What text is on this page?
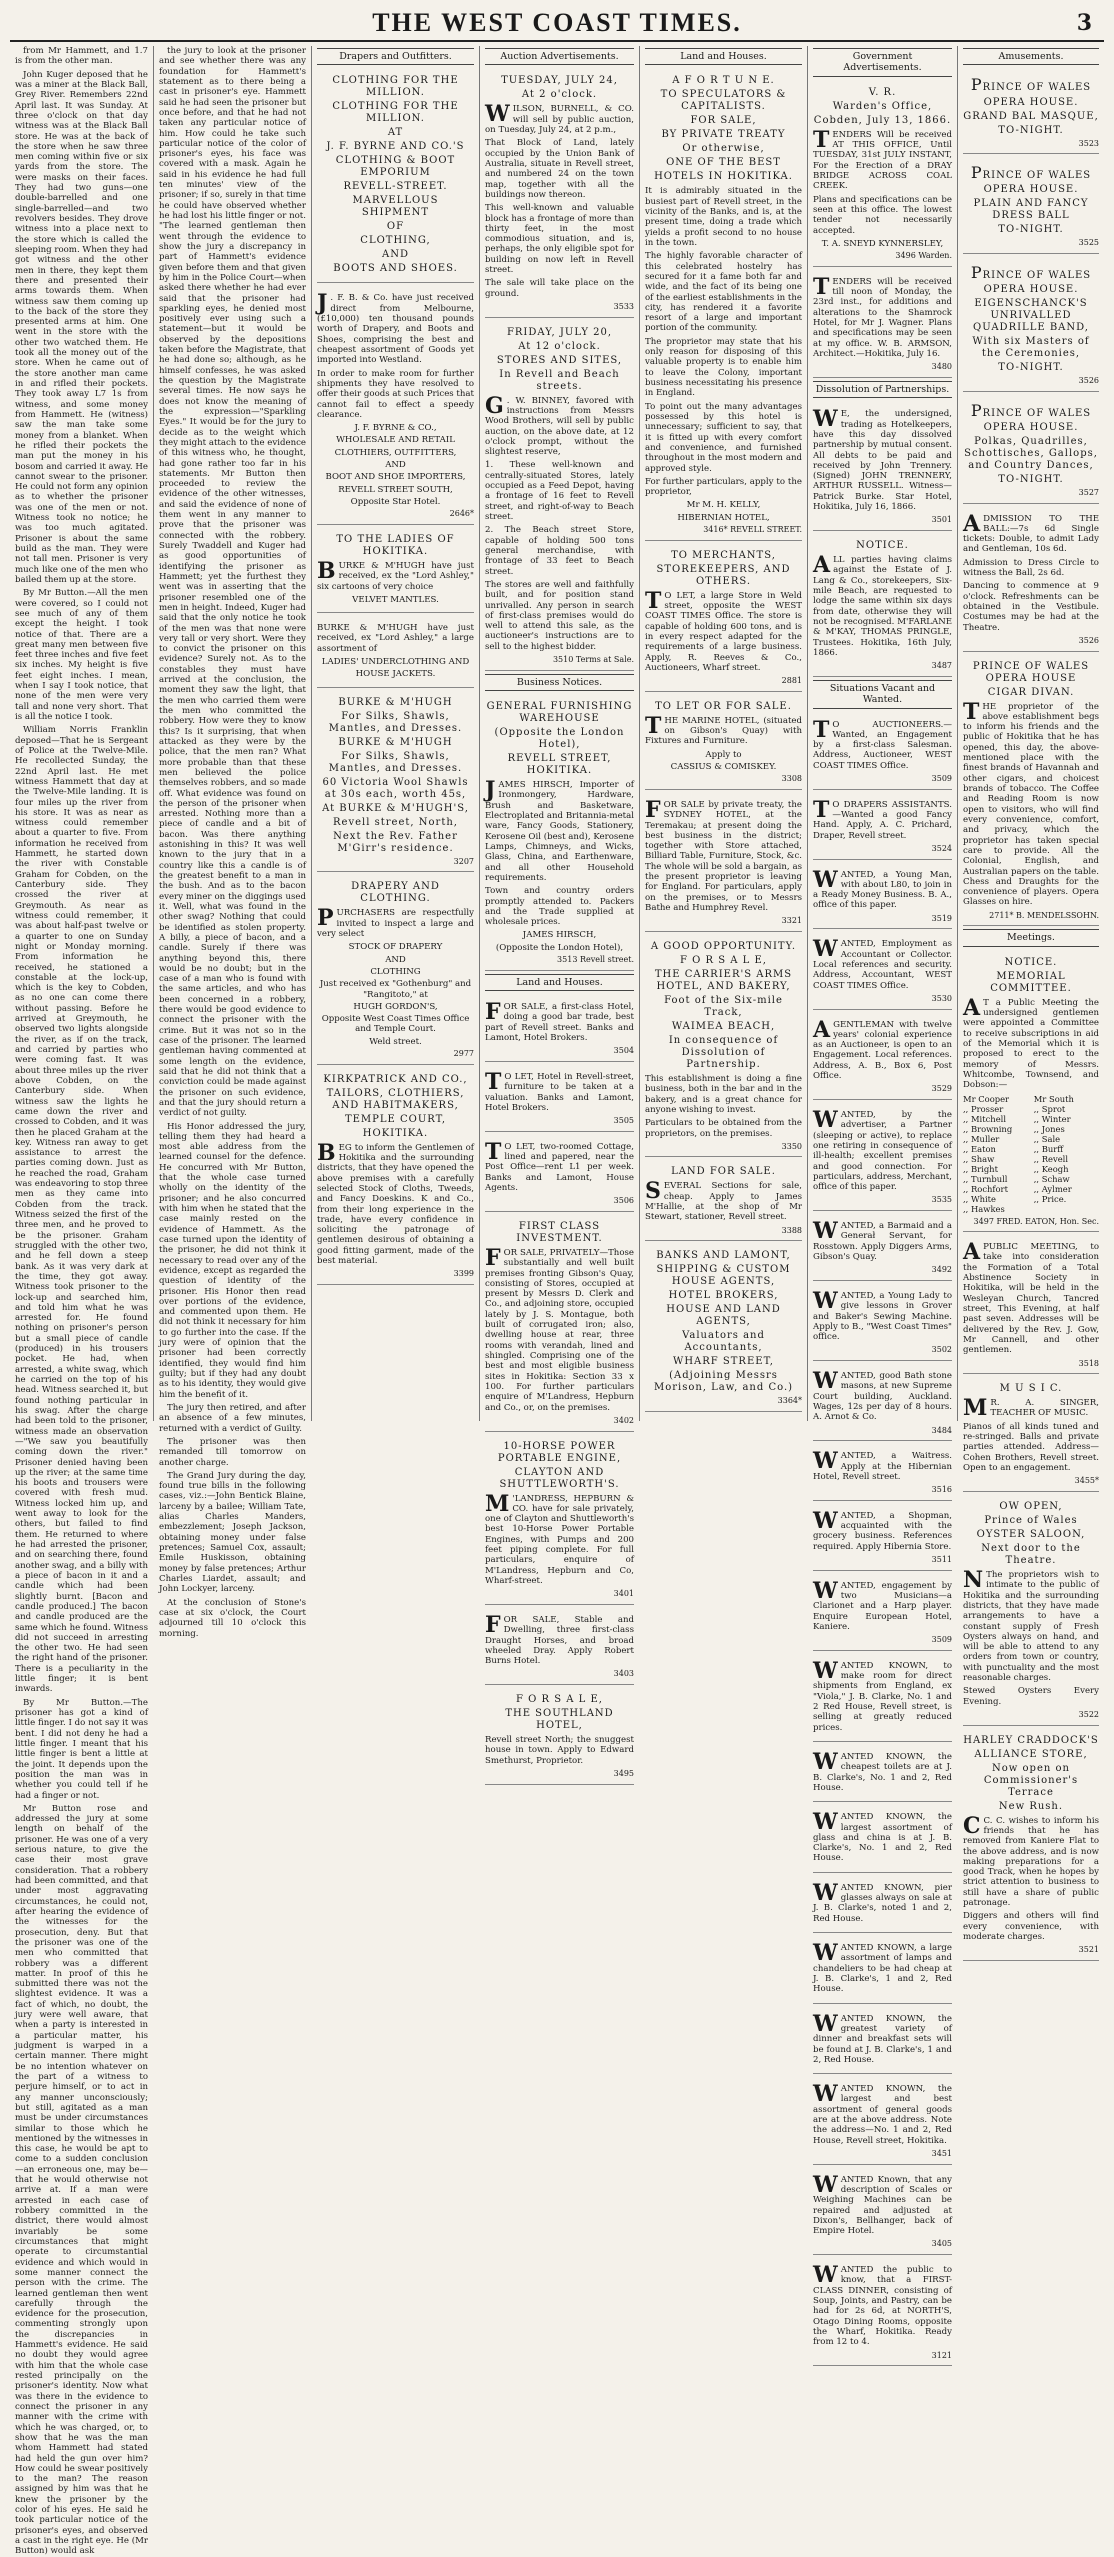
THE WEST COAST TIMES.	3

from Mr Hammett, and 1.7 is from the other man.

John Kuger deposed that he was a miner at the Black Ball, Grey River. Remembers 22nd April last. It was Sunday. At three o'clock on that day witness was at the Black Ball store. He was at the back of the store when he saw three men coming within five or six yards from the store. The were masks on their faces. They had two guns—one double-barrelled and one single-barrelled—and two revolvers besides. They drove witness into a place next to the store which is called the sleeping room. When they had got witness and the other men in there, they kept them there and presented their arms towards them. When witness saw them coming up to the back of the store they presented arms at him. One went in the store with the other two watched them. He took all the money out of the store. When he came out of the store another man came in and rifled their pockets. They took away L7 1s from witness, and some money from Hammett. He (witness) saw the man take some money from a blanket. When he rifled their pockets the man put the money in his bosom and carried it away. He cannot swear to the prisoner. He could not form any opinion as to whether the prisoner was one of the men or not. Witness took no notice; he was too much agitated. Prisoner is about the same build as the man. They were not tall men. Prisoner is very much like one of the men who bailed them up at the store.

By Mr Button.—All the men were covered, so I could not see much of any of them except the height. I took notice of that. There are a great many men between five feet three inches and five feet six inches. My height is five feet eight inches. I mean, when I say I took notice, that none of the men were very tall and none very short. That is all the notice I took.

William Norris Franklin deposed—That he is Sergeant of Police at the Twelve-Mile. He recollected Sunday, the 22nd April last. He met witness Hammett that day at the Twelve-Mile landing. It is four miles up the river from his store. It was as near as witness could remember about a quarter to five. From information he received from Hammett, he started down the river with Constable Graham for Cobden, on the Canterbury side. They crossed the river at Greymouth. As near as witness could remember, it was about half-past twelve or a quarter to one on Sunday night or Monday morning. From information he received, he stationed a constable at the lock-up, which is the key to Cobden, as no one can come there without passing. Before he arrived at Greymouth, he observed two lights alongside the river, as if on the track, and carried by parties who were coming fast. It was about three miles up the river above Cobden, on the Canterbury side. When witness saw the lights he came down the river and crossed to Cobden, and it was then he placed Graham at the key. Witness ran away to get assistance to arrest the parties coming down. Just as he reached the road, Graham was endeavoring to stop three men as they came into Cobden from the track. Witness seized the first of the three men, and he proved to be the prisoner. Graham struggled with the other two, and he fell down a steep bank. As it was very dark at the time, they got away. Witness took prisoner to the lock-up and searched him, and told him what he was arrested for. He found nothing on prisoner's person but a small piece of candle (produced) in his trousers pocket. He had, when arrested, a white swag, which he carried on the top of his head. Witness searched it, but found nothing particular in his swag. After the charge had been told to the prisoner, witness made an observation—"We saw you beautifully coming down the river." Prisoner denied having been up the river; at the same time his boots and trousers were covered with fresh mud. Witness locked him up, and went away to look for the others, but failed to find them. He returned to where he had arrested the prisoner, and on searching there, found another swag, and a billy with a piece of bacon in it and a candle which had been slightly burnt. [Bacon and candle produced.] The bacon and candle produced are the same which he found. Witness did not succeed in arresting the other two. He had seen the right hand of the prisoner. There is a peculiarity in the little finger; it is bent inwards.

By Mr Button.—The prisoner has got a kind of little finger. I do not say it was bent. I did not deny he had a little finger. I meant that his little finger is bent a little at the joint. It depends upon the position the man was in whether you could tell if he had a finger or not.

Mr Button rose and addressed the jury at some length on behalf of the prisoner. He was one of a very serious nature, to give the case their most grave consideration. That a robbery had been committed, and that under most aggravating circumstances, he could not, after hearing the evidence of the witnesses for the prosecution, deny. But that the prisoner was one of the men who committed that robbery was a different matter. In proof of this he submitted there was not the slightest evidence. It was a fact of which, no doubt, the jury were well aware, that when a party is interested in a particular matter, his judgment is warped in a certain manner. There might be no intention whatever on the part of a witness to perjure himself, or to act in any manner unconsciously; but still, agitated as a man must be under circumstances similar to those which he mentioned by the witnesses in this case, he would be apt to come to a sudden conclusion—an erroneous one, may be—that he would otherwise not arrive at. If a man were arrested in each case of robbery committed in the district, there would almost invariably be some circumstances that might operate to circumstantial evidence and which would in some manner connect the person with the crime. The learned gentleman then went carefully through the evidence for the prosecution, commenting strongly upon the discrepancies in Hammett's evidence. He said no doubt they would agree with him that the whole case rested principally on the prisoner's identity. Now what was there in the evidence to connect the prisoner in any manner with the crime with which he was charged, or, to show that he was the man whom Hammett had stated had held the gun over him? How could he swear positively to the man? The reason assigned by him was that he knew the prisoner by the color of his eyes. He said he took particular notice of the prisoner's eyes, and observed a cast in the right eye. He (Mr Button) would ask

the jury to look at the prisoner and see whether there was any foundation for Hammett's statement as to there being a cast in prisoner's eye. Hammett said he had seen the prisoner but once before, and that he had not taken any particular notice of him. How could he take such particular notice of the color of prisoner's eyes, his face was covered with a mask. Again he said in his evidence he had full ten minutes' view of the prisoner; if so, surely in that time he could have observed whether he had lost his little finger or not. "The learned gentleman then went through the evidence to show the jury a discrepancy in part of Hammett's evidence given before them and that given by him in the Police Court—when asked there whether he had ever said that the prisoner had sparkling eyes, he denied most positively ever using such a statement—but it would be observed by the depositions taken before the Magistrate, that he had done so; although, as he himself confesses, he was asked the question by the Magistrate several times. He now says he does not know the meaning of the expression—"Sparkling Eyes." It would be for the jury to decide as to the weight which they might attach to the evidence of this witness who, he thought, had gone rather too far in his statements. Mr Button then proceeded to review the evidence of the other witnesses, and said the evidence of none of them went in any manner to prove that the prisoner was connected with the robbery. Surely Twaddell and Kuger had as good opportunities of identifying the prisoner as Hammett; yet the furthest they went was in asserting that the prisoner resembled one of the men in height. Indeed, Kuger had said that the only notice he took of the men was that none were very tall or very short. Were they to convict the prisoner on this evidence? Surely not. As to the constables they must have arrived at the conclusion, the moment they saw the light, that the men who carried them were the men who committed the robbery. How were they to know this? Is it surprising, that when attacked as they were by the police, that the men ran? What more probable than that these men believed the police themselves robbers, and so made off. What evidence was found on the person of the prisoner when arrested. Nothing more than a piece of candle and a bit of bacon. Was there anything astonishing in this? It was well known to the jury that in a country like this a candle is of the greatest benefit to a man in the bush. And as to the bacon every miner on the diggings used it. Well, what was found in the other swag? Nothing that could be identified as stolen property. A billy, a piece of bacon, and a candle. Surely if there was anything beyond this, there would be no doubt; but in the case of a man who is found with the same articles, and who has been concerned in a robbery, there would be good evidence to connect the prisoner with the crime. But it was not so in the case of the prisoner. The learned gentleman having commented at some length on the evidence, said that he did not think that a conviction could be made against the prisoner on such evidence, and that the jury should return a verdict of not guilty.

His Honor addressed the jury, telling them they had heard a most able address from the learned counsel for the defence. He concurred with Mr Button, that the whole case turned wholly on the identity of the prisoner; and he also concurred with him when he stated that the case mainly rested on the evidence of Hammett. As the case turned upon the identity of the prisoner, he did not think it necessary to read over any of the evidence, except as regarded the question of identity of the prisoner. His Honor then read over portions of the evidence, and commented upon them. He did not think it necessary for him to go further into the case. If the jury were of opinion that the prisoner had been correctly identified, they would find him guilty; but if they had any doubt as to his identity, they would give him the benefit of it.

The jury then retired, and after an absence of a few minutes, returned with a verdict of Guilty.

The prisoner was then remanded till tomorrow on another charge.

The Grand Jury during the day, found true bills in the following cases, viz.:—John Bentick Blaine, larceny by a bailee; William Tate, alias Charles Manders, embezzlement; Joseph Jackson, obtaining money under false pretences; Samuel Cox, assault; Emile Huskisson, obtaining money by false pretences; Arthur Charles Liardet, assault; and John Lockyer, larceny.

At the conclusion of Stone's case at six o'clock, the Court adjourned till 10 o'clock this morning.

Drapers and Outfitters.
CLOTHING FOR THE MILLION.
CLOTHING FOR THE MILLION.
AT
J. F. BYRNE AND CO.'S
CLOTHING & BOOT EMPORIUM
REVELL-STREET.
MARVELLOUS SHIPMENT
OF
CLOTHING,
AND
BOOTS AND SHOES.
J . F. B. & Co. have just received direct from Melbourne, (£10,000) ten thousand pounds worth of Drapery, and Boots and Shoes, comprising the best and cheapest assortment of Goods yet imported into Westland.
In order to make room for further shipments they have resolved to offer their goods at such Prices that cannot fail to effect a speedy clearance.
J. F. BYRNE & CO.,
WHOLESALE AND RETAIL
CLOTHIERS, OUTFITTERS,
AND
BOOT AND SHOE IMPORTERS,
REVELL STREET SOUTH,
Opposite Star Hotel.
2646*
TO THE LADIES OF HOKITIKA.
BURKE & M'HUGH have just received, ex the "Lord Ashley," six cartoons of very choice
VELVET MANTLES.
BURKE & M'HUGH have just received, ex "Lord Ashley," a large assortment of
LADIES' UNDERCLOTHING AND
HOUSE JACKETS.
BURKE & M'HUGH
For Silks, Shawls, Mantles, and Dresses.
BURKE & M'HUGH
For Silks, Shawls, Mantles, and Dresses.
60 Victoria Wool Shawls at 30s each, worth 45s,
At BURKE & M'HUGH'S,
Revell street, North,
Next the Rev. Father M'Girr's residence.
3207
DRAPERY AND CLOTHING.
PURCHASERS are respectfully invited to inspect a large and very select
STOCK OF DRAPERY
AND
CLOTHING
Just received ex "Gothenburg" and "Rangitoto," at
HUGH GORDON'S,
Opposite West Coast Times Office and Temple Court.
Weld street.
2977
KIRKPATRICK AND CO.,
TAILORS, CLOTHIERS, AND HABITMAKERS,
TEMPLE COURT,
HOKITIKA.
BEG to inform the Gentlemen of Hokitika and the surrounding districts, that they have opened the above premises with a carefully selected Stock of Cloths, Tweeds, and Fancy Doeskins. K and Co., from their long experience in the trade, have every confidence in soliciting the patronage of gentlemen desirous of obtaining a good fitting garment, made of the best material.
3399
Auction Advertisements.
TUESDAY, JULY 24,
At 2 o'clock.
WILSON, BURNELL, & CO. will sell by public auction, on Tuesday, July 24, at 2 p.m.,
That Block of Land, lately occupied by the Union Bank of Australia, situate in Revell street, and numbered 24 on the town map, together with all the buildings now thereon.
This well-known and valuable block has a frontage of more than thirty feet, in the most commodious situation, and is, perhaps, the only eligible spot for building on now left in Revell street.
The sale will take place on the ground.
3533
FRIDAY, JULY 20,
At 12 o'clock.
STORES AND SITES,
In Revell and Beach streets.
G . W. BINNEY, favored with instructions from Messrs Wood Brothers, will sell by public auction, on the above date, at 12 o'clock prompt, without the slightest reserve,
1. These well-known and centrally-situated Stores, lately occupied as a Feed Depot, having a frontage of 16 feet to Revell street, and right-of-way to Beach street.
2. The Beach street Store, capable of holding 500 tons general merchandise, with frontage of 33 feet to Beach street.
The stores are well and faithfully built, and for position stand unrivalled. Any person in search of first-class premises would do well to attend this sale, as the auctioneer's instructions are to sell to the highest bidder.
3510 Terms at Sale.
Business Notices.
GENERAL FURNISHING WAREHOUSE
(Opposite the London Hotel),
REVELL STREET, HOKITIKA.
JAMES HIRSCH, Importer of Ironmongery, Hardware, Brush and Basketware, Electroplated and Britannia-metal ware, Fancy Goods, Stationery, Kerosene Oil (best and), Kerosene Lamps, Chimneys, and Wicks, Glass, China, and Earthenware, and all other Household requirements.
Town and country orders promptly attended to. Packers and the Trade supplied at wholesale prices.
JAMES HIRSCH,
(Opposite the London Hotel),
3513 Revell street.
Land and Houses.
FOR SALE, a first-class Hotel, doing a good bar trade, best part of Revell street. Banks and Lamont, Hotel Brokers.
3504
T O LET, Hotel in Revell-street, furniture to be taken at a valuation. Banks and Lamont, Hotel Brokers.
3505
T O LET, two-roomed Cottage, lined and papered, near the Post Office—rent L1 per week. Banks and Lamont, House Agents.
3506
FIRST CLASS INVESTMENT.
FOR SALE, PRIVATELY—Those substantially and well built premises fronting Gibson's Quay, consisting of Stores, occupied at present by Messrs D. Clerk and Co., and adjoining store, occupied lately by J. S. Montague, both built of corrugated iron; also, dwelling house at rear, three rooms with verandah, lined and shingled. Comprising one of the best and most eligible business sites in Hokitika: Section 33 x 100. For further particulars enquire of M'Landress, Hepburn and Co., or, on the premises.
3402
10-HORSE POWER PORTABLE ENGINE,
CLAYTON AND SHUTTLEWORTH'S.
M 'LANDRESS, HEPBURN & CO. have for sale privately, one of Clayton and Shuttleworth's best 10-Horse Power Portable Engines, with Pumps and 200 feet piping complete. For full particulars, enquire of M'Landress, Hepburn and Co, Wharf-street.
3401
FOR SALE, Stable and Dwelling, three first-class Draught Horses, and broad wheeled Dray. Apply Robert Burns Hotel.
3403
F O R S A L E,
THE SOUTHLAND HOTEL,
Revell street North; the snuggest house in town. Apply to Edward Smethurst, Proprietor.
3495
Land and Houses.
A F O R T U N E.
TO SPECULATORS & CAPITALISTS.
FOR SALE,
BY PRIVATE TREATY
Or otherwise,
ONE OF THE BEST
HOTELS IN HOKITIKA.
It is admirably situated in the busiest part of Revell street, in the vicinity of the Banks, and is, at the present time, doing a trade which yields a profit second to no house in the town.
The highly favorable character of this celebrated hostelry has secured for it a fame both far and wide, and the fact of its being one of the earliest establishments in the city, has rendered it a favorite resort of a large and important portion of the community.
The proprietor may state that his only reason for disposing of this valuable property is to enable him to leave the Colony, important business necessitating his presence in England.
To point out the many advantages possessed by this hotel is unnecessary; sufficient to say, that it is fitted up with every comfort and convenience, and furnished throughout in the most modern and approved style.
For further particulars, apply to the proprietor,
Mr M. H. KELLY,
HIBERNIAN HOTEL,
3416* REVELL STREET.
TO MERCHANTS,
STOREKEEPERS, AND OTHERS.
T O LET, a large Store in Weld street, opposite the WEST COAST TIMES Office. The store is capable of holding 600 tons, and is in every respect adapted for the requirements of a large business. Apply, R. Reeves & Co., Auctioneers, Wharf street.
2881
TO LET OR FOR SALE.
THE MARINE HOTEL, (situated on Gibson's Quay) with Fixtures and Furniture.
Apply to
CASSIUS & COMISKEY.
3308
FOR SALE by private treaty, the SYDNEY HOTEL, at the Teremakau; at present doing the best business in the district; together with Store attached, Billiard Table, Furniture, Stock, &c. The whole will be sold a bargain, as the present proprietor is leaving for England. For particulars, apply on the premises, or to Messrs Bathe and Humphrey Revel.
3321
A GOOD OPPORTUNITY.
F O R S A L E,
THE CARRIER'S ARMS HOTEL, AND BAKERY,
Foot of the Six-mile Track,
WAIMEA BEACH,
In consequence of Dissolution of Partnership.
This establishment is doing a fine business, both in the bar and in the bakery, and is a great chance for anyone wishing to invest.
Particulars to be obtained from the proprietors, on the premises.
3350
LAND FOR SALE.
SEVERAL Sections for sale, cheap. Apply to James M'Hallie, at the shop of Mr Stewart, stationer, Revell street.
3388
BANKS AND LAMONT,
SHIPPING & CUSTOM HOUSE AGENTS,
HOTEL BROKERS,
HOUSE AND LAND AGENTS,
Valuators and Accountants,
WHARF STREET,
(Adjoining Messrs Morison, Law, and Co.)
3364*
Government Advertisements.
V. R.
Warden's Office,
Cobden, July 13, 1866.
TENDERS Will be received AT THIS OFFICE, Until TUESDAY, 31st JULY INSTANT, For the Erection of a DRAY BRIDGE ACROSS COAL CREEK.
Plans and specifications can be seen at this office. The lowest tender not necessarily accepted.
T. A. SNEYD KYNNERSLEY,
3496 Warden.
TENDERS will be received till noon of Monday, the 23rd inst., for additions and alterations to the Shamrock Hotel, for Mr J. Wagner. Plans and specifications may be seen at my office. W. B. ARMSON, Architect.—Hokitika, July 16.
3480
Dissolution of Partnerships.
W E, the undersigned, trading as Hotelkeepers, have this day dissolved partnership by mutual consent. All debts to be paid and received by John Trennery. (Signed) JOHN TRENNERY, ARTHUR RUSSELL. Witness—Patrick Burke. Star Hotel, Hokitika, July 16, 1866.
3501
NOTICE.
ALL parties having claims against the Estate of J. Lang & Co., storekeepers, Six-mile Beach, are requested to lodge the same within six days from date, otherwise they will not be recognised. M'FARLANE & M'KAY, THOMAS PRINGLE, Trustees. Hokitika, 16th July, 1866.
3487
Situations Vacant and Wanted.
T O AUCTIONEERS.—Wanted, an Engagement by a first-class Salesman. Address, Auctioneer, WEST COAST TIMES Office.
3509
T O DRAPERS ASSISTANTS.—Wanted a good Fancy Hand. Apply, A. C. Prichard, Draper, Revell street.
3524
WANTED, a Young Man, with about L80, to join in a Ready Money Business. B. A., office of this paper.
3519
WANTED, Employment as Accountant or Collector. Local references and security. Address, Accountant, WEST COAST TIMES Office.
3530
A GENTLEMAN with twelve years' colonial experience as an Auctioneer, is open to an Engagement. Local references. Address, A. B., Box 6, Post Office.
3529
WANTED, by the advertiser, a Partner (sleeping or active), to replace one retiring in consequence of ill-health; excellent premises and good connection. For particulars, address, Merchant, office of this paper.
3535
WANTED, a Barmaid and a Generał Servant, for Rosstown. Apply Diggers Arms, Gibson's Quay.
3492
WANTED, a Young Lady to give lessons in Grover and Baker's Sewing Machine. Apply to B., "West Coast Times" office.
3502
WANTED, good Bath stone masons, at new Supreme Court building, Auckland. Wages, 12s per day of 8 hours. A. Arnot & Co.
3484
WANTED, a Waitress. Apply at the Hibernian Hotel, Revell street.
3516
WANTED, a Shopman, acquainted with the grocery business. References required. Apply Hibernia Store.
3511
WANTED, engagement by two Musicians—a Clarionet and a Harp player. Enquire European Hotel, Kaniere.
3509
WANTED KNOWN, to make room for direct shipments from England, ex "Viola," J. B. Clarke, No. 1 and 2 Red House, Revell street, is selling at greatly reduced prices.
WANTED KNOWN, the cheapest toilets are at J. B. Clarke's, No. 1 and 2, Red House.
WANTED KNOWN, the largest assortment of glass and china is at J. B. Clarke's, No. 1 and 2, Red House.
WANTED KNOWN, pier glasses always on sale at J. B. Clarke's, noted 1 and 2, Red House.
WANTED KNOWN, a large assortment of lamps and chandeliers to be had cheap at J. B. Clarke's, 1 and 2, Red House.
WANTED KNOWN, the greatest variety of dinner and breakfast sets will be found at J. B. Clarke's, 1 and 2, Red House.
WANTED KNOWN, the largest and best assortment of general goods are at the above address. Note the address—No. 1 and 2, Red House, Revell street, Hokitika.
3451
WANTED Known, that any description of Scales or Weighing Machines can be repaired and adjusted at Dixon's, Bellhanger, back of Empire Hotel.
3405
WANTED the public to know, that a FIRST-CLASS DINNER, consisting of Soup, Joints, and Pastry, can be had for 2s 6d, at NORTH'S, Otago Dining Rooms, opposite the Wharf, Hokitika. Ready from 12 to 4.
3121
Amusements.
PRINCE OF WALES
OPERA HOUSE.
GRAND BAL MASQUE,
TO-NIGHT.
3523
PRINCE OF WALES
OPERA HOUSE.
PLAIN AND FANCY DRESS BALL
TO-NIGHT.
3525
PRINCE OF WALES
OPERA HOUSE.
EIGENSCHANCK'S UNRIVALLED QUADRILLE BAND,
With six Masters of the Ceremonies,
TO-NIGHT.
3526
PRINCE OF WALES
OPERA HOUSE.
Polkas, Quadrilles, Schottisches, Gallops, and Country Dances,
TO-NIGHT.
3527
ADMISSION TO THE BALL:—7s 6d Single tickets: Double, to admit Lady and Gentleman, 10s 6d.
Admission to Dress Circle to witness the Ball, 2s 6d.
Dancing to commence at 9 o'clock. Refreshments can be obtained in the Vestibule. Costumes may be had at the Theatre.
3526
PRINCE OF WALES OPERA HOUSE
CIGAR DIVAN.
THE proprietor of the above establishment begs to inform his friends and the public of Hokitika that he has opened, this day, the above-mentioned place with the finest brands of Havannah and other cigars, and choicest brands of tobacco. The Coffee and Reading Room is now open to visitors, who will find every convenience, comfort, and privacy, which the proprietor has taken special care to provide. All the Colonial, English, and Australian papers on the table. Chess and Draughts for the convenience of players. Opera Glasses on hire.
2711* B. MENDELSSOHN.
Meetings.
NOTICE.
MEMORIAL COMMITTEE.
A T a Public Meeting the undersigned gentlemen were appointed a Committee to receive subscriptions in aid of the Memorial which it is proposed to erect to the memory of Messrs. Whitcombe, Townsend, and Dobson:—
Mr Cooper
,, Prosser
,, Mitchell
,, Browning
,, Muller
,, Eaton
,, Shaw
,, Bright
,, Turnbull
,, Rochfort
,, White
,, Hawkes
Mr South
,, Sprot
,, Winter
,, Jones
,, Sale
,, Burff
,, Revell
,, Keogh
,, Schaw
,, Aylmer
,, Price.
3497 FRED. EATON, Hon. Sec.
A PUBLIC MEETING, to take into consideration the Formation of a Total Abstinence Society in Hokitika, will be held in the Wesleyan Church, Tancred street, This Evening, at half past seven. Addresses will be delivered by the Rev. J. Gow, Mr Cannell, and other gentlemen.
3518
M U S I C.
M R. A. SINGER, TEACHER OF MUSIC.
Pianos of all kinds tuned and re-stringed. Balls and private parties attended. Address—Cohen Brothers, Revell street. Open to an engagement.
3455*
OW OPEN,
Prince of Wales
OYSTER SALOON,
Next door to the Theatre.
N The proprietors wish to intimate to the public of Hokitika and the surrounding districts, that they have made arrangements to have a constant supply of Fresh Oysters always on hand, and will be able to attend to any orders from town or country, with punctuality and the most reasonable charges.
Stewed Oysters Every Evening.
3522
HARLEY CRADDOCK'S
ALLIANCE STORE,
Now open on Commissioner's Terrace
New Rush.
C C. C. wishes to inform his friends that he has removed from Kaniere Flat to the above address, and is now making preparations for a good Track, when he hopes by strict attention to business to still have a share of public patronage.
Diggers and others will find every convenience, with moderate charges.
3521
